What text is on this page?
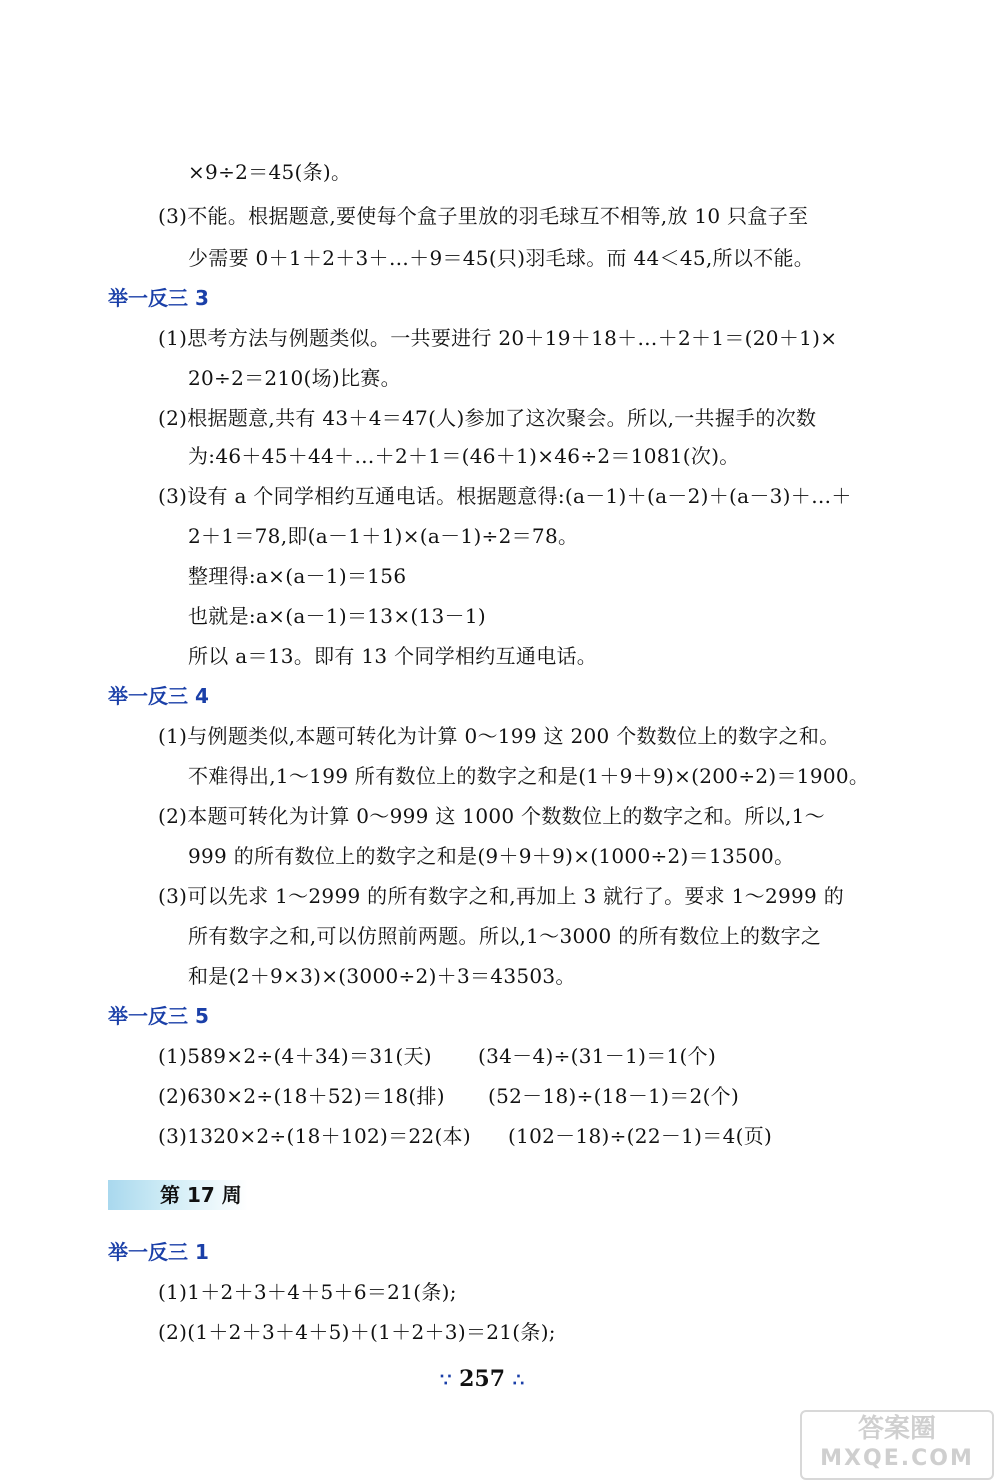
×9÷2＝45(条)。
(3)不能。根据题意,要使每个盒子里放的羽毛球互不相等,放 10 只盒子至
少需要 0＋1＋2＋3＋…＋9＝45(只)羽毛球。而 44＜45,所以不能。
举一反三 3
(1)思考方法与例题类似。一共要进行 20＋19＋18＋…＋2＋1＝(20＋1)×
20÷2＝210(场)比赛。
(2)根据题意,共有 43＋4＝47(人)参加了这次聚会。所以,一共握手的次数
为:46＋45＋44＋…＋2＋1＝(46＋1)×46÷2＝1081(次)。
(3)设有 a 个同学相约互通电话。根据题意得:(a－1)＋(a－2)＋(a－3)＋…＋
2＋1＝78,即(a－1＋1)×(a－1)÷2＝78。
整理得:a×(a－1)＝156
也就是:a×(a－1)＝13×(13－1)
所以 a＝13。即有 13 个同学相约互通电话。
举一反三 4
(1)与例题类似,本题可转化为计算 0～199 这 200 个数数位上的数字之和。
不难得出,1～199 所有数位上的数字之和是(1＋9＋9)×(200÷2)＝1900。
(2)本题可转化为计算 0～999 这 1000 个数数位上的数字之和。所以,1～
999 的所有数位上的数字之和是(9＋9＋9)×(1000÷2)＝13500。
(3)可以先求 1～2999 的所有数字之和,再加上 3 就行了。要求 1～2999 的
所有数字之和,可以仿照前两题。所以,1～3000 的所有数位上的数字之
和是(2＋9×3)×(3000÷2)＋3＝43503。
举一反三 5
(1)589×2÷(4＋34)＝31(天) (34－4)÷(31－1)＝1(个)
(2)630×2÷(18＋52)＝18(排) (52－18)÷(18－1)＝2(个)
(3)1320×2÷(18＋102)＝22(本) (102－18)÷(22－1)＝4(页)
第 17 周
举一反三 1
(1)1＋2＋3＋4＋5＋6＝21(条);
(2)(1＋2＋3＋4＋5)＋(1＋2＋3)＝21(条);
∵ 257 ∴
答案圈
MXQE.COM
